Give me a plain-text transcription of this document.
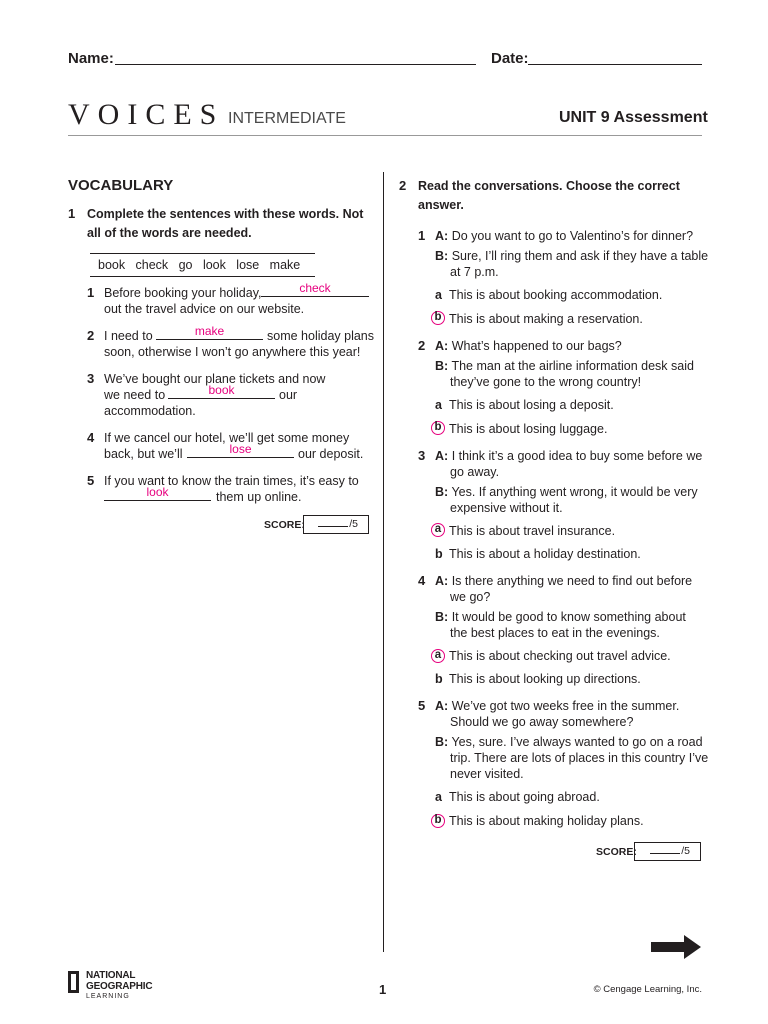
Name:	Date:
VOICES INTERMEDIATE	UNIT 9 Assessment
VOCABULARY
1 Complete the sentences with these words. Not
all of the words are needed.
book check go look lose make
1 Before booking your holiday,	check
out the travel advice on our website.
2 I need to	make	some holiday plans
soon, otherwise I won’t go anywhere this year!
3 We’ve bought our plane tickets and now
we need to	book	our
accommodation.
4 If we cancel our hotel, we’ll get some money
back, but we’ll	lose	our deposit.
5 If you want to know the train times, it’s easy to
look	them up online.
SCORE:	/5
2 Read the conversations. Choose the correct
answer.
1 A: Do you want to go to Valentino’s for dinner?
B: Sure, I’ll ring them and ask if they have a table
at 7 p.m.
a This is about booking accommodation.
b This is about making a reservation.
2 A: What’s happened to our bags?
B: The man at the airline information desk said
they’ve gone to the wrong country!
a This is about losing a deposit.
b This is about losing luggage.
3 A: I think it’s a good idea to buy some before we
go away.
B: Yes. If anything went wrong, it would be very
expensive without it.
a This is about travel insurance.
b This is about a holiday destination.
4 A: Is there anything we need to find out before
we go?
B: It would be good to know something about
the best places to eat in the evenings.
a This is about checking out travel advice.
b This is about looking up directions.
5 A: We’ve got two weeks free in the summer.
Should we go away somewhere?
B: Yes, sure. I’ve always wanted to go on a road
trip. There are lots of places in this country I’ve
never visited.
a This is about going abroad.
b This is about making holiday plans.
SCORE:	/5
NATIONAL
GEOGRAPHIC
LEARNING	1	© Cengage Learning, Inc.
